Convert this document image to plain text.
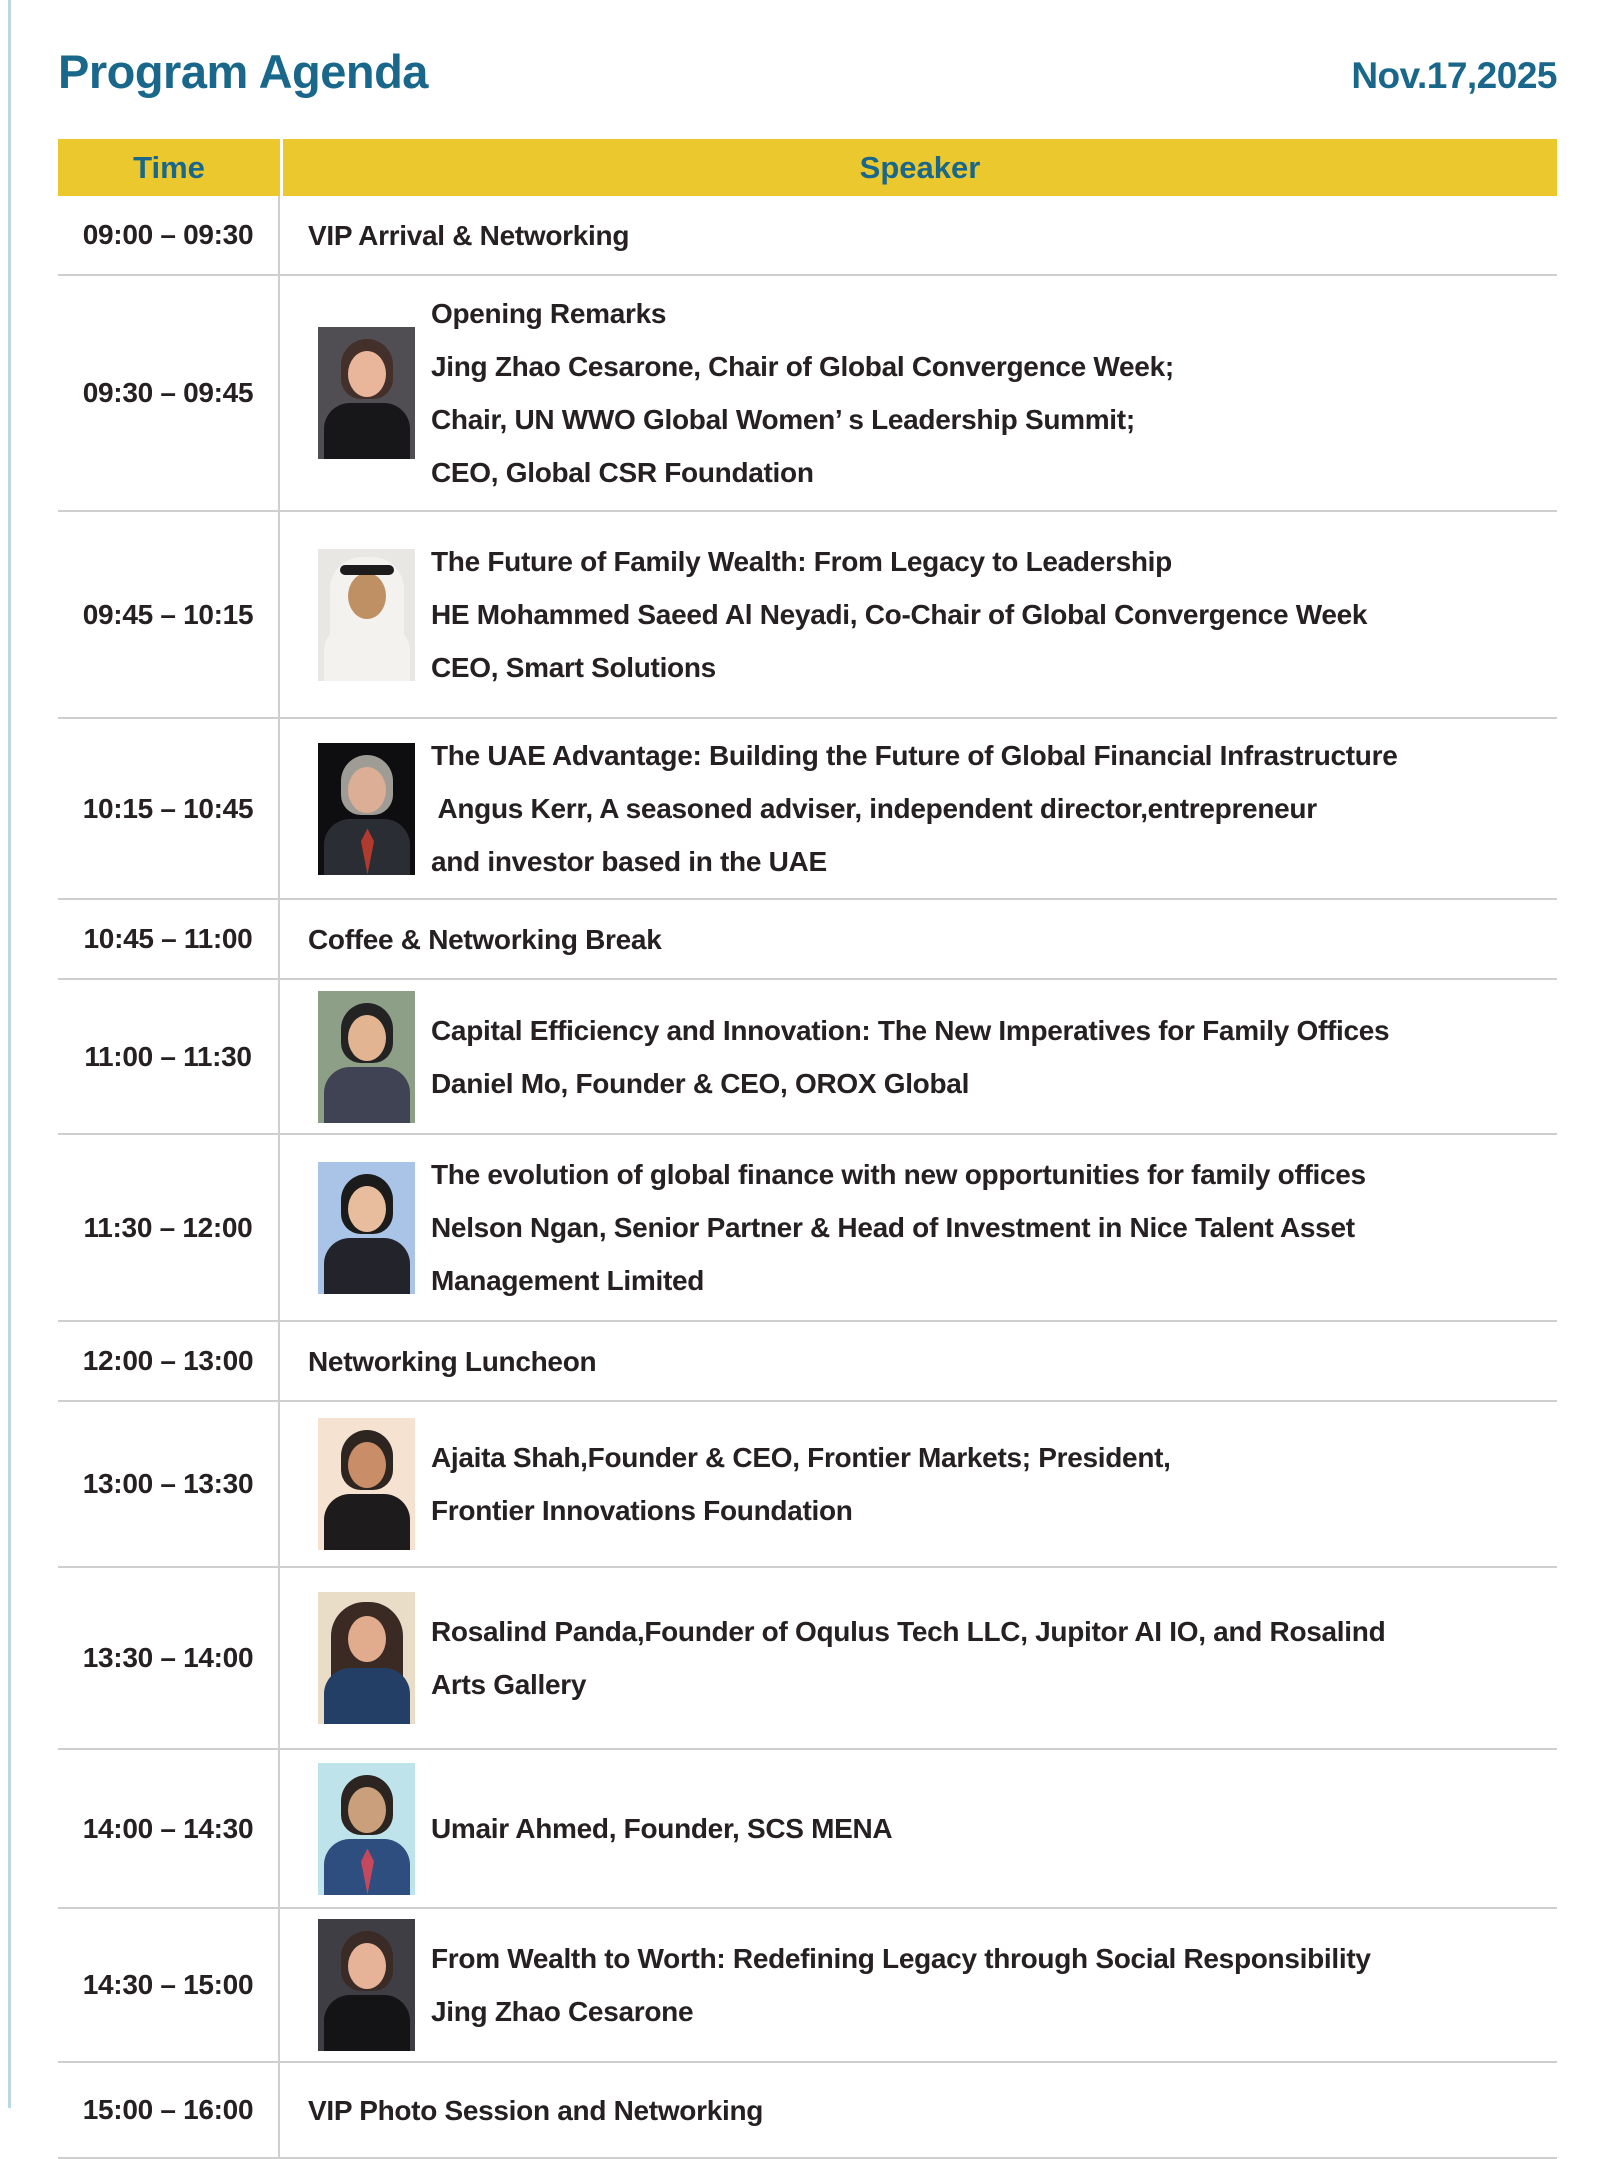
Program Agenda	Nov.17,2025
Time	Speaker
09:00 – 09:30	VIP Arrival & Networking
09:30 – 09:45
Opening Remarks
Jing Zhao Cesarone, Chair of Global Convergence Week;
Chair, UN WWO Global Women’ s Leadership Summit;
CEO, Global CSR Foundation
09:45 – 10:15
The Future of Family Wealth: From Legacy to Leadership
HE Mohammed Saeed Al Neyadi, Co-Chair of Global Convergence Week
CEO, Smart Solutions
10:15 – 10:45
The UAE Advantage: Building the Future of Global Financial Infrastructure
Angus Kerr, A seasoned adviser, independent director,entrepreneur
and investor based in the UAE
10:45 – 11:00	Coffee & Networking Break
11:00 – 11:30
Capital Efficiency and Innovation: The New Imperatives for Family Offices
Daniel Mo, Founder & CEO, OROX Global
11:30 – 12:00
The evolution of global finance with new opportunities for family offices
Nelson Ngan, Senior Partner & Head of Investment in Nice Talent Asset
Management Limited
12:00 – 13:00	Networking Luncheon
13:00 – 13:30
Ajaita Shah,Founder & CEO, Frontier Markets; President,
Frontier Innovations Foundation
13:30 – 14:00
Rosalind Panda,Founder of Oqulus Tech LLC, Jupitor AI IO, and Rosalind
Arts Gallery
14:00 – 14:30	Umair Ahmed, Founder, SCS MENA
14:30 – 15:00
From Wealth to Worth: Redefining Legacy through Social Responsibility
Jing Zhao Cesarone
15:00 – 16:00	VIP Photo Session and Networking
